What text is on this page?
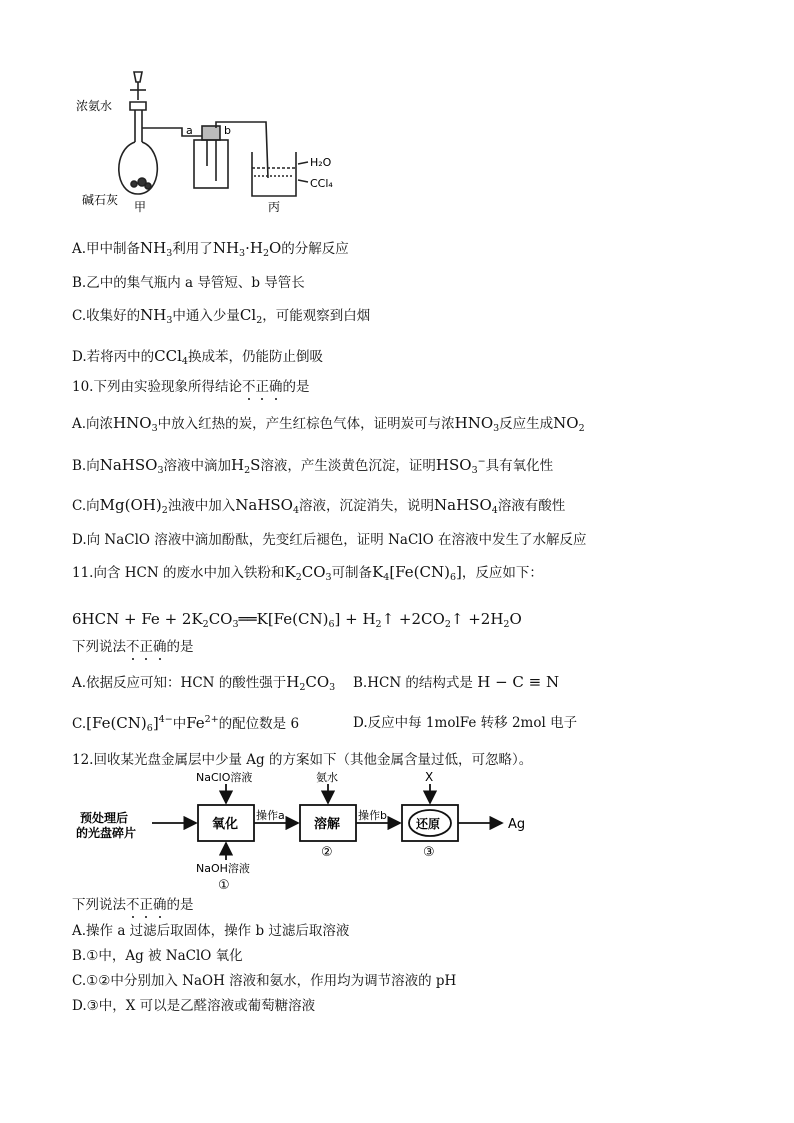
浓氨水
碱石灰 甲
a	b
丙
H₂O
CCl₄
A.甲中制备$NH_3$利用了$NH_3\cdot H_2O$的分解反应
B.乙中的集气瓶内 a 导管短、b 导管长
C.收集好的$NH_3$中通入少量$Cl_2$，可能观察到白烟
D.若将丙中的CCl$_4$换成苯，仍能防止倒吸
10.下列由实验现象所得结论不正确的是
A.向浓$HNO_3$中放入红热的炭，产生红棕色气体，证明炭可与浓$HNO_3$反应生成$NO_2$
B.向NaHSO$_3$溶液中滴加$H_2S$溶液，产生淡黄色沉淀，证明$HSO_3^-$具有氧化性
C.向$Mg(OH)_2$浊液中加入NaHSO$_4$溶液，沉淀消失，说明NaHSO$_4$溶液有酸性
D.向 NaClO 溶液中滴加酚酞，先变红后褪色，证明 NaClO 在溶液中发生了水解反应
11.向含 HCN 的废水中加入铁粉和$K_2CO_3$可制备$K_4[Fe(CN)_6]$，反应如下：
$6HCN + Fe + 2K_2CO_3══K[Fe(CN)_6]$ + $H_2↑$ $+2CO_2↑ +2H_2O$
下列说法不正确的是
A.依据反应可知：HCN 的酸性强于$H_2CO_3$ B.HCN 的结构式是 H − C ≡ N
$C.[Fe(CN)_6]^{4-}$中$Fe^{2+}$的配位数是 6	D.反应中每 1molFe 转移 2mol 电子
12.回收某光盘金属层中少量 Ag 的方案如下（其他金属含量过低，可忽略）。
预处理后
的光盘碎片
NaClO溶液
NaOH溶液
①
氧化
操作a
氨水
溶解
②
操作b
X
还原
③
Ag
下列说法不正确的是
A.操作 a 过滤后取固体，操作 b 过滤后取溶液
B.①中，Ag 被 NaClO 氧化
C.①②中分别加入 NaOH 溶液和氨水，作用均为调节溶液的 pH
D.③中，X 可以是乙醛溶液或葡萄糖溶液
